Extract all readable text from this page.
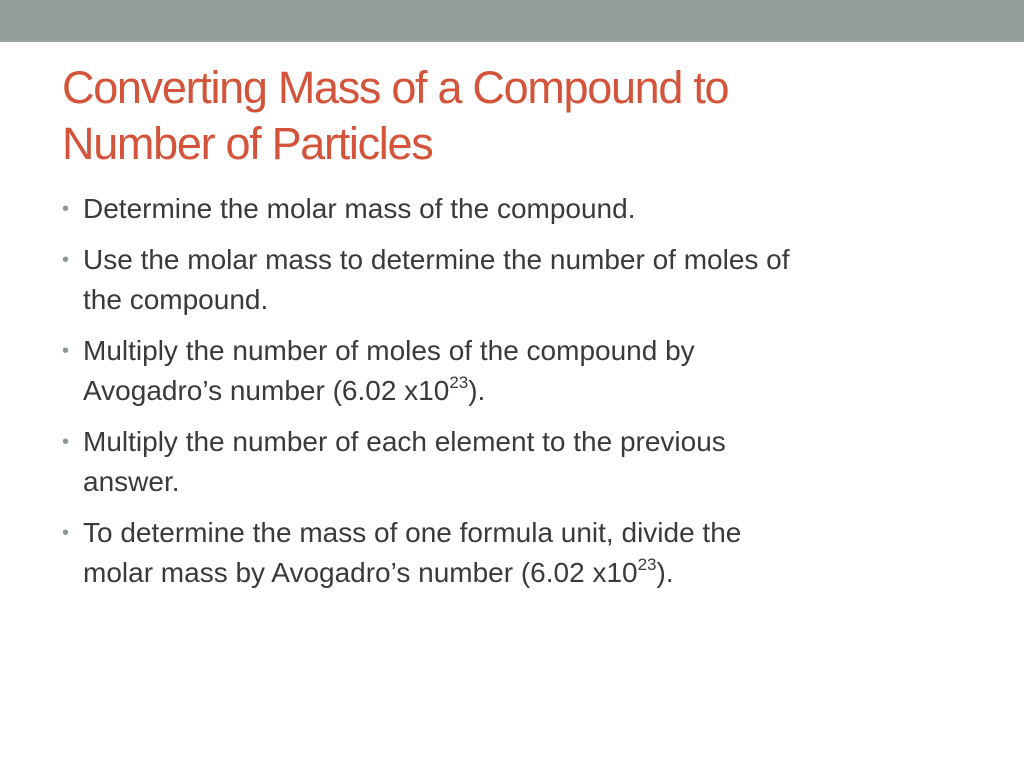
Converting Mass of a Compound to
Number of Particles
• Determine the molar mass of the compound.
• Use the molar mass to determine the number of moles of
the compound.
• Multiply the number of moles of the compound by
Avogadro’s number (6.02 $x10^{23}$).
• Multiply the number of each element to the previous
answer.
• To determine the mass of one formula unit, divide the
molar mass by Avogadro’s number (6.02 $x10^{23}$).
